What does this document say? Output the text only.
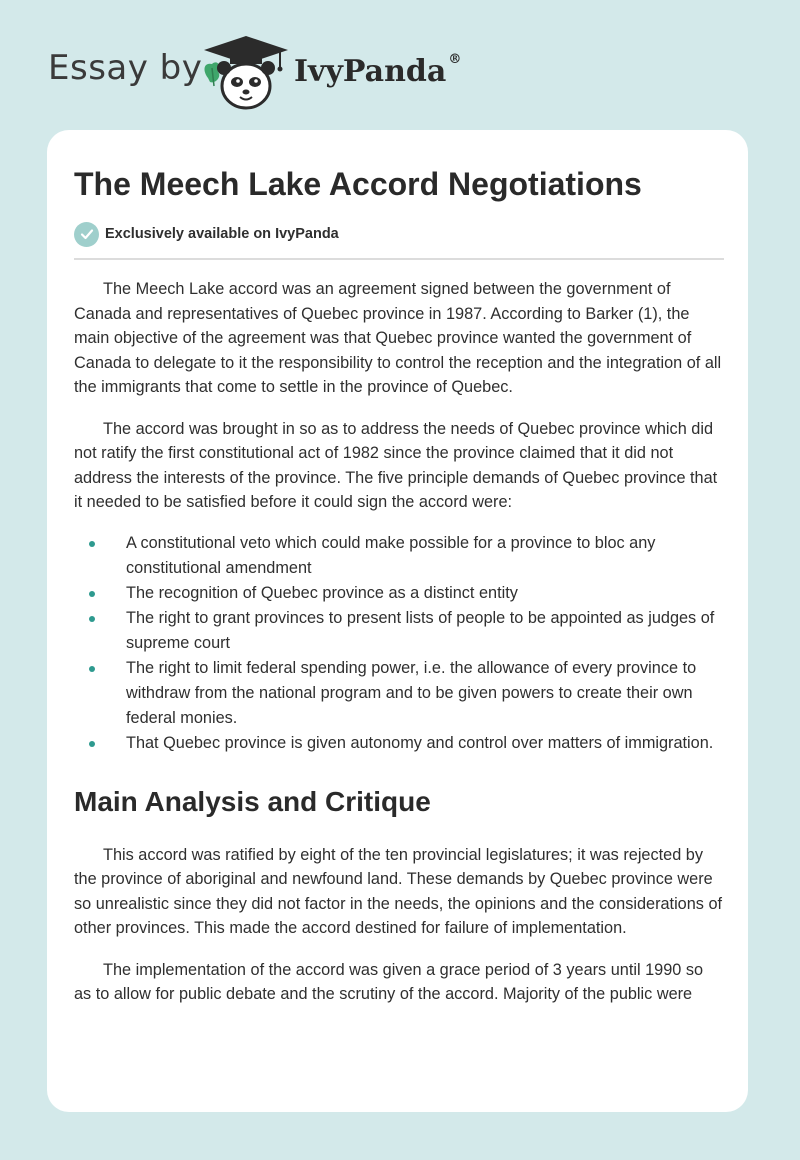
Essay by	IvyPanda ®
The Meech Lake Accord Negotiations
Exclusively available on IvyPanda

The Meech Lake accord was an agreement signed between the government of Canada and representatives of Quebec province in 1987. According to Barker (1), the main objective of the agreement was that Quebec province wanted the government of Canada to delegate to it the responsibility to control the reception and the integration of all the immigrants that come to settle in the province of Quebec.

The accord was brought in so as to address the needs of Quebec province which did not ratify the first constitutional act of 1982 since the province claimed that it did not address the interests of the province. The five principle demands of Quebec province that it needed to be satisfied before it could sign the accord were:

A constitutional veto which could make possible for a province to bloc any constitutional amendment
The recognition of Quebec province as a distinct entity
The right to grant provinces to present lists of people to be appointed as judges of supreme court
The right to limit federal spending power, i.e. the allowance of every province to withdraw from the national program and to be given powers to create their own federal monies.
That Quebec province is given autonomy and control over matters of immigration.
Main Analysis and Critique

This accord was ratified by eight of the ten provincial legislatures; it was rejected by the province of aboriginal and newfound land. These demands by Quebec province were so unrealistic since they did not factor in the needs, the opinions and the considerations of other provinces. This made the accord destined for failure of implementation.

The implementation of the accord was given a grace period of 3 years until 1990 so as to allow for public debate and the scrutiny of the accord. Majority of the public were
